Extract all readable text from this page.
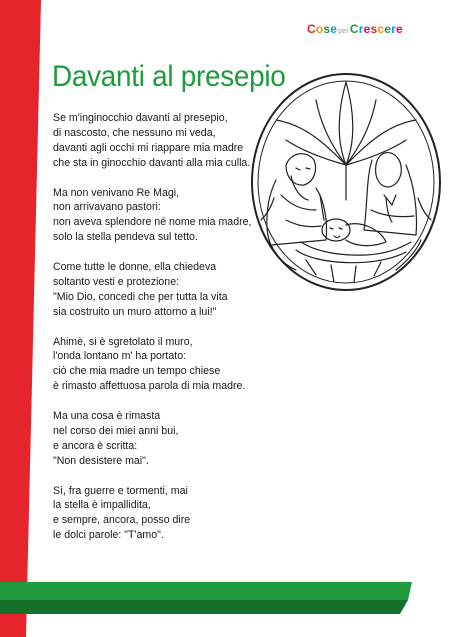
CoseperCrescere
Davanti al presepio

Se m'inginocchio davanti al presepio,
di nascosto, che nessuno mi veda,
davanti agli occhi mi riappare mia madre
che sta in ginocchio davanti alla mia culla.

Ma non venivano Re Magi,
non arrivavano pastori:
non aveva splendore né nome mia madre,
solo la stella pendeva sul tetto.

Come tutte le donne, ella chiedeva
soltanto vesti e protezione:
"Mio Dio, concedi che per tutta la vita
sia costruito un muro attorno a lui!"

Ahimè, si è sgretolato il muro,
l'onda lontano m' ha portato:
ciò che mia madre un tempo chiese
è rimasto affettuosa parola di mia madre.

Ma una cosa è rimasta
nel corso dei miei anni bui,
e ancora è scritta:
"Non desistere mai".

Sì, fra guerre e tormenti, mai
la stella è impallidita,
e sempre, ancora, posso dire
le dolci parole: "T'amo".
